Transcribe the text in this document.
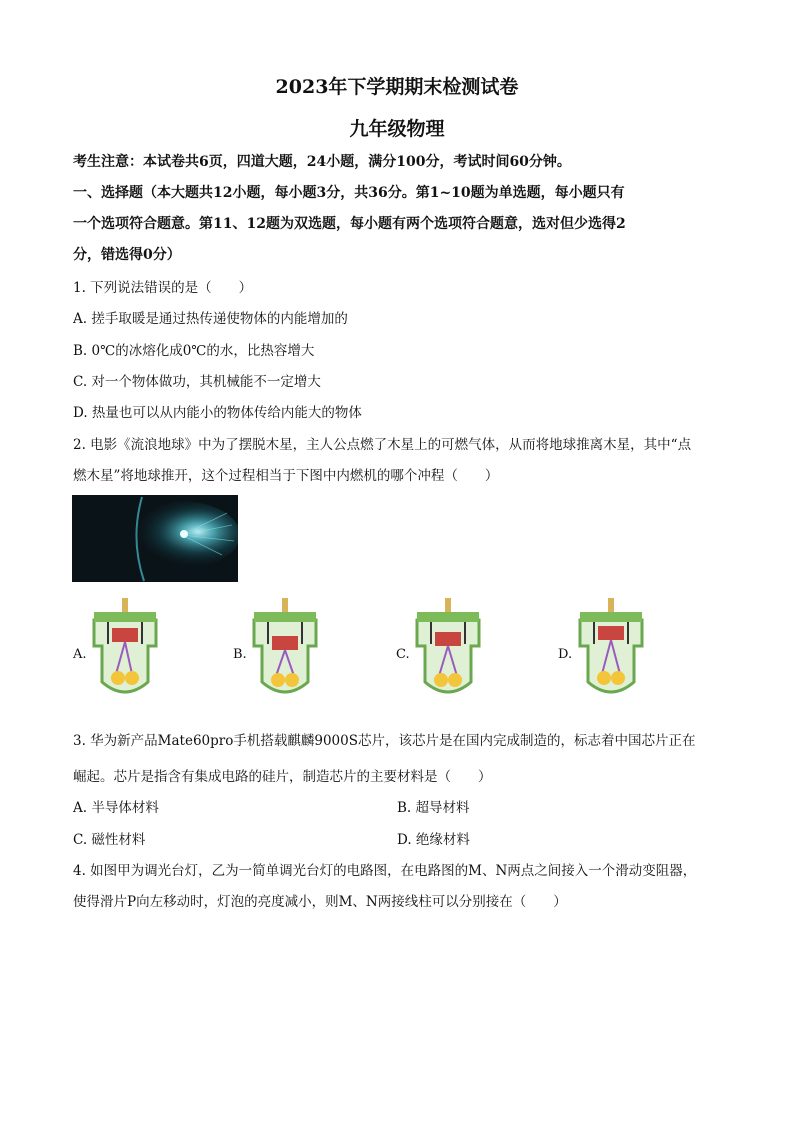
2023年下学期期末检测试卷
九年级物理
考生注意：本试卷共6页，四道大题，24小题，满分100分，考试时间60分钟。
一、选择题（本大题共12小题，每小题3分，共36分。第1~10题为单选题，每小题只有
一个选项符合题意。第11、12题为双选题，每小题有两个选项符合题意，选对但少选得2
分，错选得0分）
1. 下列说法错误的是（　　）
A. 搓手取暖是通过热传递使物体的内能增加的
B. 0℃的冰熔化成0℃的水，比热容增大
C. 对一个物体做功，其机械能不一定增大
D. 热量也可以从内能小的物体传给内能大的物体
2. 电影《流浪地球》中为了摆脱木星，主人公点燃了木星上的可燃气体，从而将地球推离木星，其中“点
燃木星”将地球推开，这个过程相当于下图中内燃机的哪个冲程（　　）
A.	B.	C.	D.
3. 华为新产品Mate60pro手机搭载麒麟9000S芯片，该芯片是在国内完成制造的，标志着中国芯片正在
崛起。芯片是指含有集成电路的硅片，制造芯片的主要材料是（　　）
A. 半导体材料	B. 超导材料
C. 磁性材料	D. 绝缘材料
4. 如图甲为调光台灯，乙为一简单调光台灯的电路图，在电路图的M、N两点之间接入一个滑动变阻器，
使得滑片P向左移动时，灯泡的亮度减小，则M、N两接线柱可以分别接在（　　）
